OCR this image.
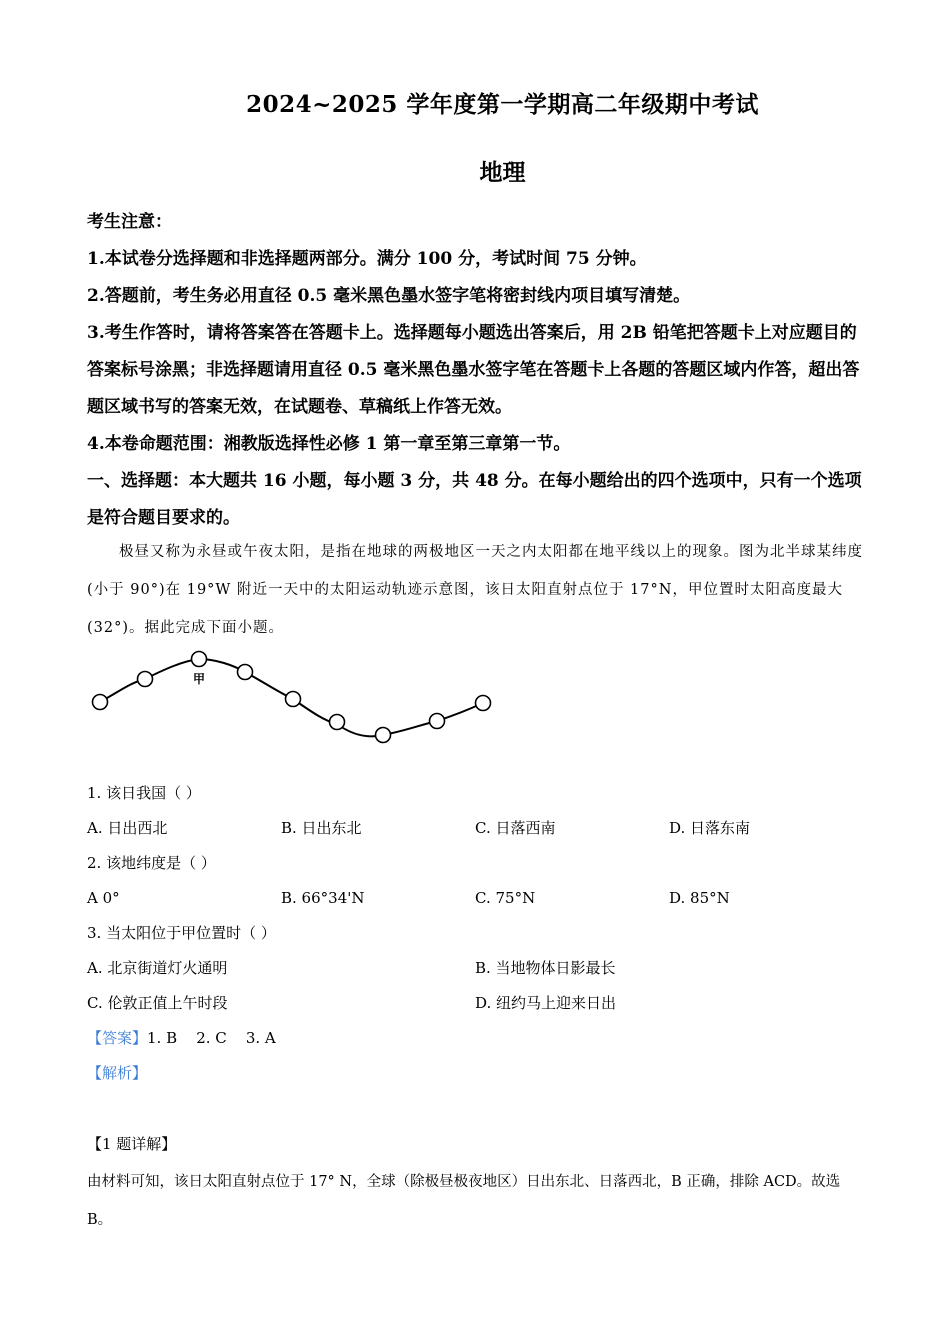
2024~2025 学年度第一学期高二年级期中考试
地理

考生注意：

1.本试卷分选择题和非选择题两部分。满分 100 分，考试时间 75 分钟。

2.答题前，考生务必用直径 0.5 毫米黑色墨水签字笔将密封线内项目填写清楚。

3.考生作答时，请将答案答在答题卡上。选择题每小题选出答案后，用 2B 铅笔把答题卡上对应题目的答案标号涂黑；非选择题请用直径 0.5 毫米黑色墨水签字笔在答题卡上各题的答题区域内作答，超出答题区域书写的答案无效，在试题卷、草稿纸上作答无效。

4.本卷命题范围：湘教版选择性必修 1 第一章至第三章第一节。

一、选择题：本大题共 16 小题，每小题 3 分，共 48 分。在每小题给出的四个选项中，只有一个选项是符合题目要求的。

极昼又称为永昼或午夜太阳，是指在地球的两极地区一天之内太阳都在地平线以上的现象。图为北半球某纬度(小于 90°)在 19°W 附近一天中的太阳运动轨迹示意图，该日太阳直射点位于 17°N，甲位置时太阳高度最大(32°)。据此完成下面小题。

甲

1. 该日我国（ ）

A. 日出西北	B. 日出东北	C. 日落西南	D. 日落东南

2. 该地纬度是（ ）

A 0°	B. 66°34'N	C. 75°N	D. 85°N

3. 当太阳位于甲位置时（ ）

A. 北京街道灯火通明	B. 当地物体日影最长
C. 伦敦正值上午时段	D. 纽约马上迎来日出

【答案】1. B    2. C    3. A

【解析】

【1 题详解】

由材料可知，该日太阳直射点位于 17° N，全球（除极昼极夜地区）日出东北、日落西北，B 正确，排除 ACD。故选 B。
